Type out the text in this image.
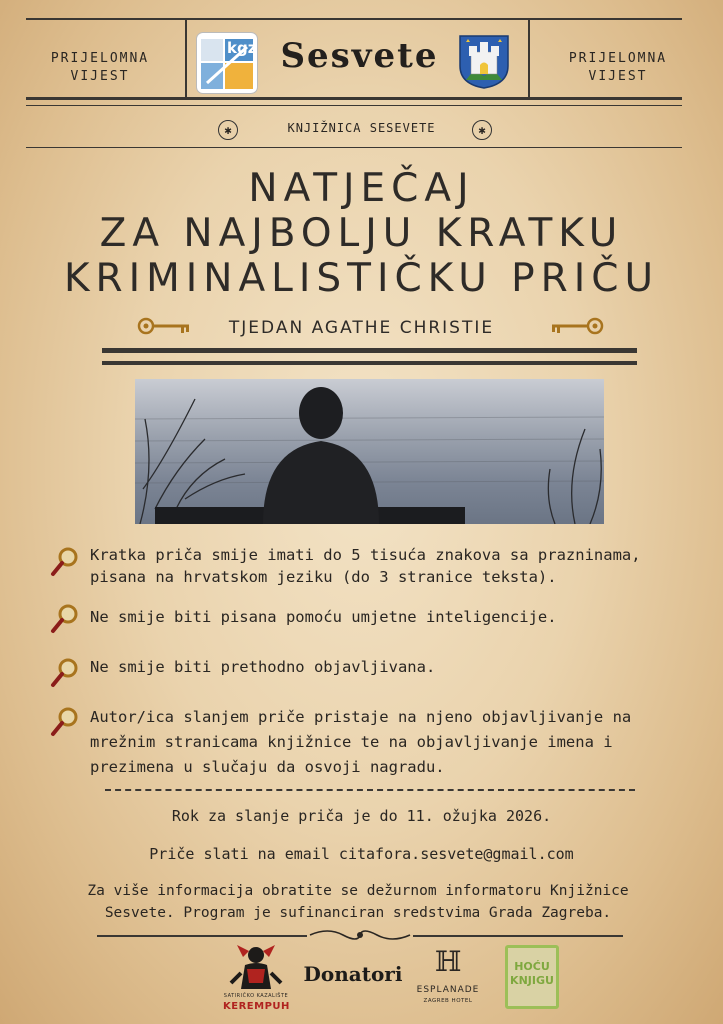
PRIJELOMNA
VIJEST
PRIJELOMNA
VIJEST
kgz Sesvete
✱	KNJIŽNICA SESEVETE	✱
NATJEČAJ
ZA NAJBOLJU KRATKU
KRIMINALISTIČKU PRIČU
TJEDAN AGATHE CHRISTIE
Kratka priča smije imati do 5 tisuća znakova sa prazninama, pisana na hrvatskom jeziku (do 3 stranice teksta).
Ne smije biti pisana pomoću umjetne inteligencije.
Ne smije biti prethodno objavljivana.
Autor/ica slanjem priče pristaje na njeno objavljivanje na mrežnim stranicama knjižnice te na objavljivanje imena i prezimena u slučaju da osvoji nagradu.
Rok za slanje priča je do 11. ožujka 2026.
Priče slati na email citafora.sesvete@gmail.com
Za više informacija obratite se dežurnom informatoru Knjižnice Sesvete. Program je sufinanciran sredstvima Grada Zagreba.
SATIRIČKO KAZALIŠTE
KEREMPUH
Donatori	ℍ
ESPLANADE
ZAGREB HOTEL
HOĆU KNJIGU
